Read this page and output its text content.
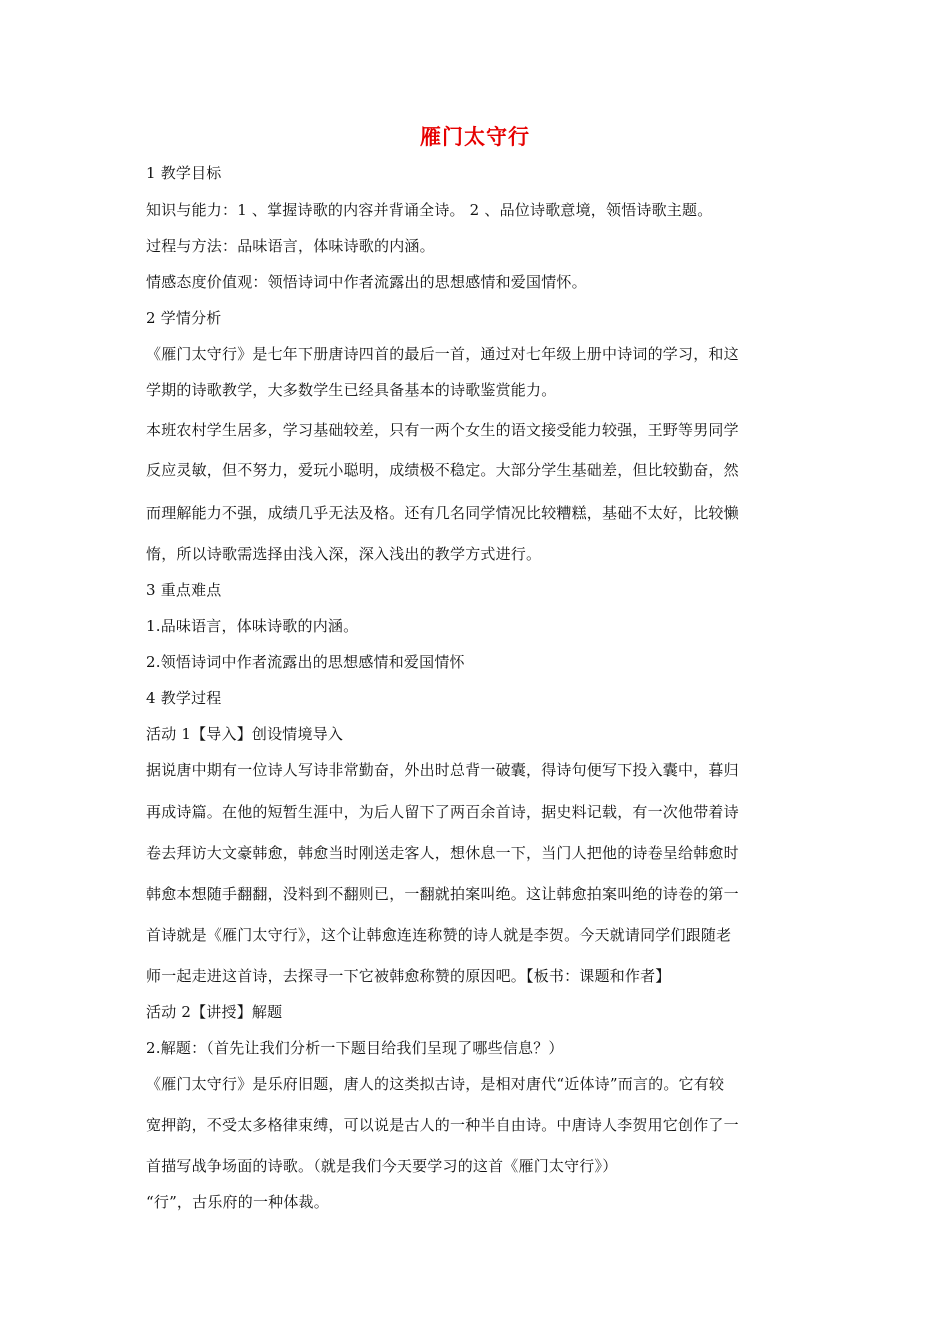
雁门太守行
1 教学目标
知识与能力：1 、掌握诗歌的内容并背诵全诗。 2 、品位诗歌意境，领悟诗歌主题。
过程与方法：品味语言，体味诗歌的内涵。
情感态度价值观：领悟诗词中作者流露出的思想感情和爱国情怀。
2 学情分析
《雁门太守行》是七年下册唐诗四首的最后一首，通过对七年级上册中诗词的学习，和这
学期的诗歌教学，大多数学生已经具备基本的诗歌鉴赏能力。
本班农村学生居多，学习基础较差，只有一两个女生的语文接受能力较强，王野等男同学
反应灵敏，但不努力，爱玩小聪明，成绩极不稳定。大部分学生基础差，但比较勤奋，然
而理解能力不强，成绩几乎无法及格。还有几名同学情况比较糟糕，基础不太好，比较懒
惰，所以诗歌需选择由浅入深，深入浅出的教学方式进行。
3 重点难点
1.品味语言，体味诗歌的内涵。
2.领悟诗词中作者流露出的思想感情和爱国情怀
4 教学过程
活动 1【导入】创设情境导入
据说唐中期有一位诗人写诗非常勤奋，外出时总背一破囊，得诗句便写下投入囊中，暮归
再成诗篇。在他的短暂生涯中，为后人留下了两百余首诗，据史料记载，有一次他带着诗
卷去拜访大文豪韩愈，韩愈当时刚送走客人，想休息一下，当门人把他的诗卷呈给韩愈时
韩愈本想随手翻翻，没料到不翻则已，一翻就拍案叫绝。这让韩愈拍案叫绝的诗卷的第一
首诗就是《雁门太守行》，这个让韩愈连连称赞的诗人就是李贺。今天就请同学们跟随老
师一起走进这首诗，去探寻一下它被韩愈称赞的原因吧。【板书：课题和作者】
活动 2【讲授】解题
2.解题：（首先让我们分析一下题目给我们呈现了哪些信息？）
《雁门太守行》是乐府旧题，唐人的这类拟古诗，是相对唐代“近体诗”而言的。它有较
宽押韵，不受太多格律束缚，可以说是古人的一种半自由诗。中唐诗人李贺用它创作了一
首描写战争场面的诗歌。（就是我们今天要学习的这首《雁门太守行》）
“行”，古乐府的一种体裁。
